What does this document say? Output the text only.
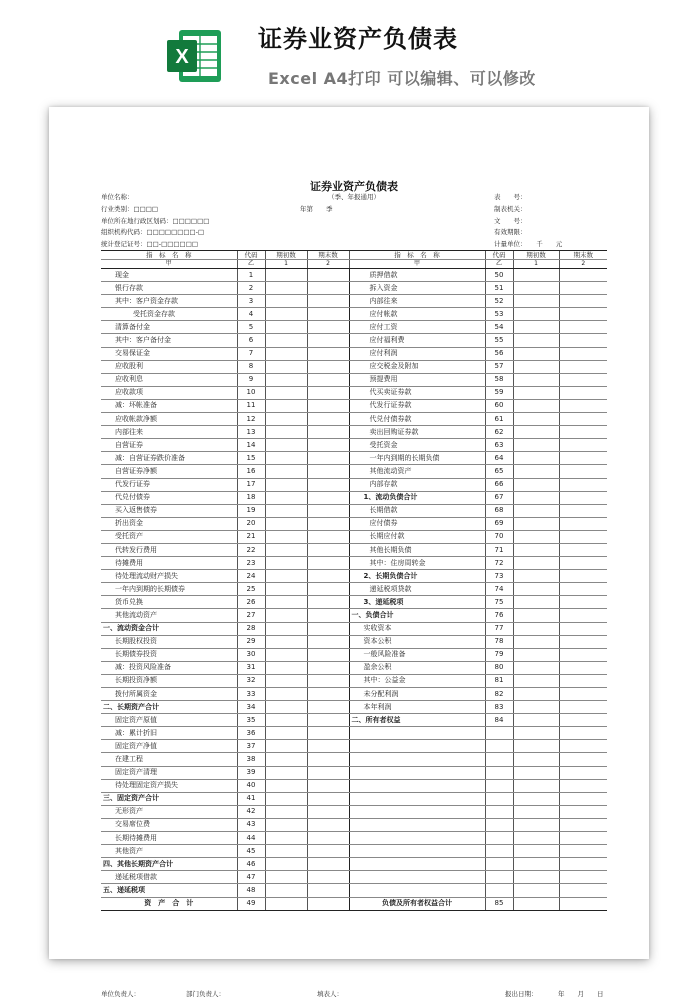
X
证券业资产负债表
Excel A4打印 可以编辑、可以修改
证券业资产负债表
（季、年报通用）
单位名称：
行业类别：□□□□
单位所在地行政区划码：□□□□□□
组织机构代码：□□□□□□□□-□
统计登记证号：□□-□□□□□□
年第　　季
表　　号：
制表机关：
文　　号：
有效期限：
计量单位：　　千　　元
指　标　名　称	代码	期初数	期末数	指　标　名　称	代码	期初数	期末数
甲	乙	1	2	甲	乙	1	2
现金	1			质押借款	50		
银行存款	2			拆入资金	51		
其中：客户资金存款	3			内部往来	52		
受托资金存款	4			应付帐款	53		
清算备付金	5			应付工资	54		
其中：客户备付金	6			应付福利费	55		
交易保证金	7			应付利润	56		
应收股利	8			应交税金及附加	57		
应收利息	9			预提费用	58		
应收款项	10			代买卖证券款	59		
减：坏帐准备	11			代发行证券款	60		
应收帐款净额	12			代兑付债券款	61		
内部往来	13			卖出回购证券款	62		
自营证券	14			受托资金	63		
减：自营证券跌价准备	15			一年内到期的长期负债	64		
自营证券净额	16			其他流动资产	65		
代发行证券	17			内部存款	66		
代兑付债券	18			1、流动负债合计	67		
买入返售债券	19			长期借款	68		
折出资金	20			应付债券	69		
受托资产	21			长期应付款	70		
代转发行费用	22			其他长期负债	71		
待摊费用	23			其中：住房周转金	72		
待处理流动财产损失	24			2、长期负债合计	73		
一年内到期的长期债券	25			递延税项贷款	74		
货币兑换	26			3、递延税项	75		
其他流动资产	27			一、负债合计	76		
一、流动资金合计	28			实收资本	77		
长期股权投资	29			资本公积	78		
长期债券投资	30			一般风险准备	79		
减：投资风险准备	31			盈余公积	80		
长期投资净额	32			其中：公益金	81		
拨付所属资金	33			未分配利润	82		
二、长期资产合计	34			本年利润	83		
固定资产原值	35			二、所有者权益	84		
减：累计折旧	36						
固定资产净值	37						
在建工程	38						
固定资产清理	39						
待处理固定资产损失	40						
三、固定资产合计	41						
无形资产	42						
交易席位费	43						
长期待摊费用	44						
其他资产	45						
四、其他长期资产合计	46						
递延税项借款	47						
五、递延税项	48						
资　产　合　计	49			负债及所有者权益合计	85		
单位负责人：	部门负责人：	填表人：	报出日期：	年　　月　　日
